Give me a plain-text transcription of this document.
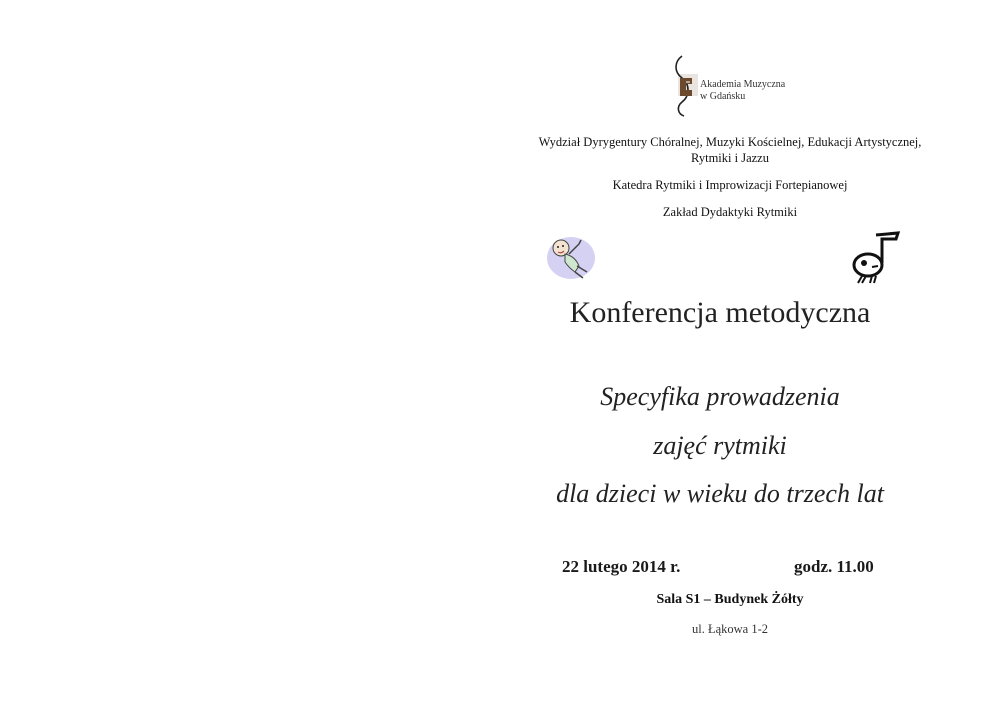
Akademia Muzyczna
w Gdańsku
Wydział Dyrygentury Chóralnej, Muzyki Kościelnej, Edukacji Artystycznej, Rytmiki i Jazzu
Katedra Rytmiki i Improwizacji Fortepianowej
Zakład Dydaktyki Rytmiki
Konferencja metodyczna
Specyfika prowadzenia
zajęć rytmiki
dla dzieci w wieku do trzech lat
22 lutego 2014 r.	godz. 11.00
Sala S1 – Budynek Żółty
ul. Łąkowa 1-2
